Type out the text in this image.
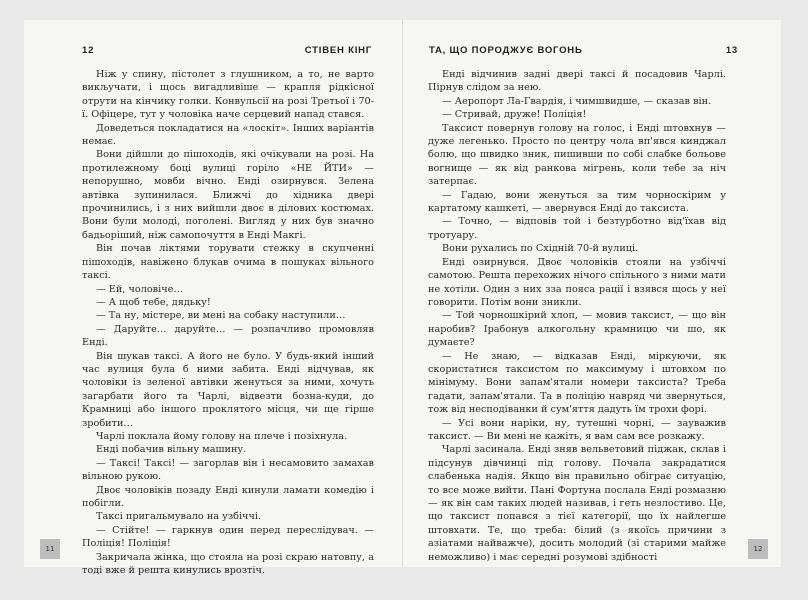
12	СТІВЕН КІНГ

Ніж у спину, пістолет з глушником, а то, не варто викључати, і щось вигадливіше — крапля рідкісної отрути на кінчику голки. Конвульсії на розі Третьої і 70-ї. Офіцере, тут у чоловіка наче серцевий напад стався.

Доведеться покладатися на «лоскіт». Інших варіантів немає.

Вони дійшли до пішоходів, які очікували на розі. На протилежному боці вулиці горіло «НЕ ЙТИ» — непорушно, мовби вічно. Енді озирнувся. Зелена автівка зупинилася. Ближчі до хідника двері прочинились, і з них вийшли двоє в ділових костюмах. Вони були молоді, поголені. Вигляд у них був значно бадьоріший, ніж самопочуття в Енді Макгі.

Він почав ліктями торувати стежку в скупченні пішоходів, навіжено блукав очима в пошуках вільного таксі.

— Ей, чоловіче…

— А щоб тебе, дядьку!

— Та ну, містере, ви мені на собаку наступили…

— Даруйте… даруйте… — розпачливо промовляв Енді.

Він шукав таксі. А його не було. У будь-який інший час вулиця була б ними забита. Енді відчував, як чоловіки із зеленої автівки женуться за ними, хочуть загарбати його та Чарлі, відвезти бозна-куди, до Крамниці або іншого проклятого місця, чи ще гірше зробити…

Чарлі поклала йому голову на плече і позіхнула.

Енді побачив вільну машину.

— Таксі! Таксі! — загорлав він і несамовито замахав вільною рукою.

Двоє чоловіків позаду Енді кинули ламати комедію і побігли.

Таксі пригальмувало на узбіччі.

— Стійте! — гаркнув один перед переслідувач. — Поліція! Поліція!

Закричала жінка, що стояла на розі скраю натовпу, а тоді вже й решта кинулись врозтіч.

ТА, ЩО ПОРОДЖУЄ ВОГОНЬ	13

Енді відчинив задні двері таксі й посадовив Чарлі. Пірнув слідом за нею.

— Аеропорт Ла-Гвардія, і чимшвидше, — сказав він.

— Стривай, друже! Поліція!

Таксист повернув голову на голос, і Енді штовхнув — дуже легенько. Просто по центру чола вп'явся кинджал болю, що швидко зник, пишивши по собі слабке больове вогнище — як від ранкова мігрень, коли тебе за ніч затерпає.

— Гадаю, вони женуться за тим чорноскірим у картатому кашкеті, — звернувся Енді до таксиста.

— Точно, — відповів той і безтурботно від'їхав від тротуару.

Вони рухались по Східній 70-й вулиці.

Енді озирнувся. Двоє чоловіків стояли на узбіччі самотою. Решта перехожих нічого спільного з ними мати не хотіли. Один з них зза пояса рації і взявся щось у неї говорити. Потім вони зникли.

— Той чорношкірий хлоп, — мовив таксист, — що він наробив? Ірабонув алкогольну крамницю чи шо, як думаєте?

— Не знаю, — відказав Енді, міркуючи, як скористатися таксистом по максимуму і штовхом по мінімуму. Вони запам'ятали номери таксиста? Треба гадати, запам'ятали. Та в поліцію навряд чи звернуться, тож від несподіванки й сум'яття дадуть їм трохи форі.

— Усі вони наріки, ну, тутешні чорні, — зауважив таксист. — Ви мені не кажіть, я вам сам все розкажу.

Чарлі засинала. Енді зняв вельветовий піджак, склав і підсунув дівчинці під голову. Почала закрадатися слабенька надія. Якщо він правильно обіграє ситуацію, то все може вийти. Пані Фортуна послала Енді розмазню — як він сам таких людей називав, і геть незлостиво. Це, що таксист попався з тієї категорії, що їх найлегше штовхати. Те, що треба: білий (з якоїсь причини з азіатами найважче), досить молодий (зі старими майже неможливо) і має середні розумові здібності

11	12
